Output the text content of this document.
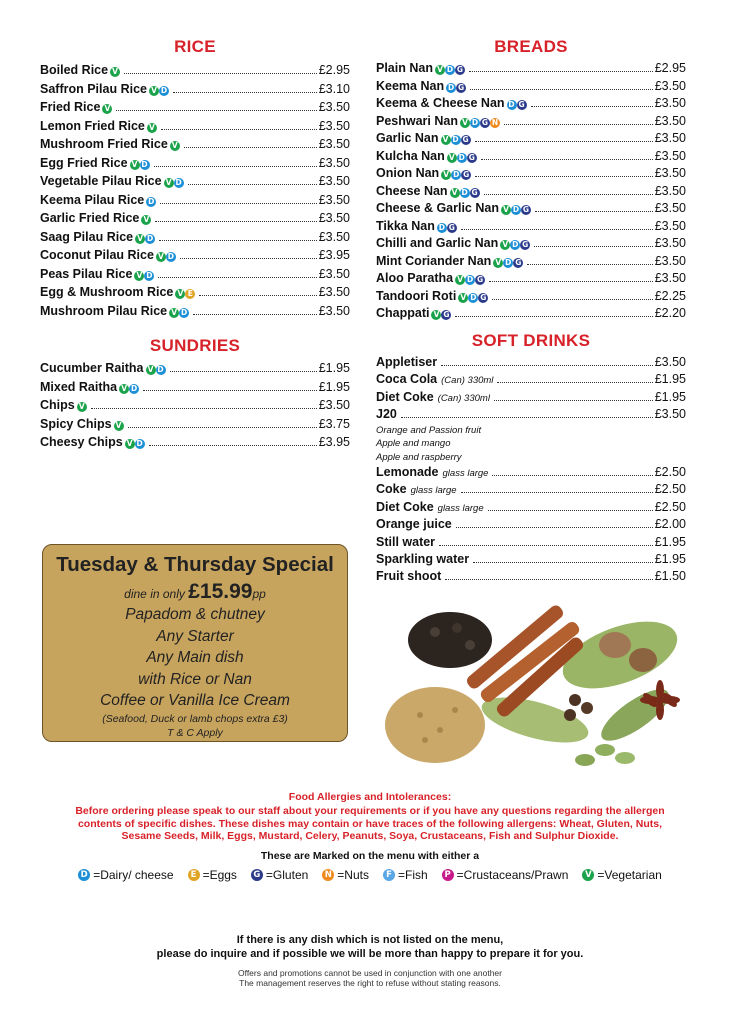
RICE
Boiled Rice V	£2.95
Saffron Pilau Rice V D	£3.10
Fried Rice V	£3.50
Lemon Fried Rice V	£3.50
Mushroom Fried Rice V	£3.50
Egg Fried Rice V D	£3.50
Vegetable Pilau Rice V D	£3.50
Keema Pilau Rice D	£3.50
Garlic Fried Rice V	£3.50
Saag Pilau Rice V D	£3.50
Coconut Pilau Rice V D	£3.95
Peas Pilau Rice V D	£3.50
Egg & Mushroom Rice V E	£3.50
Mushroom Pilau Rice V D	£3.50
SUNDRIES
Cucumber Raitha V D	£1.95
Mixed Raitha V D	£1.95
Chips V	£3.50
Spicy Chips V	£3.75
Cheesy Chips V D	£3.95
BREADS
Plain Nan V D G	£2.95
Keema Nan D G	£3.50
Keema & Cheese Nan D G	£3.50
Peshwari Nan V D G N	£3.50
Garlic Nan V D G	£3.50
Kulcha Nan V D G	£3.50
Onion Nan V D G	£3.50
Cheese Nan V D G	£3.50
Cheese & Garlic Nan V D G	£3.50
Tikka Nan D G	£3.50
Chilli and Garlic Nan V D G	£3.50
Mint Coriander Nan V D G	£3.50
Aloo Paratha V D G	£3.50
Tandoori Roti V D G	£2.25
Chappati V G	£2.20
SOFT DRINKS
Appletiser	£3.50
Coca Cola (Can) 330ml	£1.95
Diet Coke (Can) 330ml	£1.95
J20	£3.50
Orange and Passion fruit
Apple and mango
Apple and raspberry
Lemonade glass large	£2.50
Coke glass large	£2.50
Diet Coke glass large	£2.50
Orange juice	£2.00
Still water	£1.95
Sparkling water	£1.95
Fruit shoot	£1.50
Tuesday & Thursday Special
dine in only £15.99pp
Papadom & chutney
Any Starter
Any Main dish
with Rice or Nan
Coffee or Vanilla Ice Cream
(Seafood, Duck or lamb chops extra £3)
T & C Apply
Food Allergies and Intolerances:
Before ordering please speak to our staff about your requirements or if you have any questions regarding the allergen contents of specific dishes. These dishes may contain or have traces of the following allergens: Wheat, Gluten, Nuts, Sesame Seeds, Milk, Eggs, Mustard, Celery, Peanuts, Soya, Crustaceans, Fish and Sulphur Dioxide.
These are Marked on the menu with either a
D =Dairy/ cheese	E =Eggs G =Gluten N =Nuts	F =Fish	P =Crustaceans/Prawn	V =Vegetarian
If there is any dish which is not listed on the menu,
please do inquire and if possible we will be more than happy to prepare it for you.
Offers and promotions cannot be used in conjunction with one another
The management reserves the right to refuse without stating reasons.
